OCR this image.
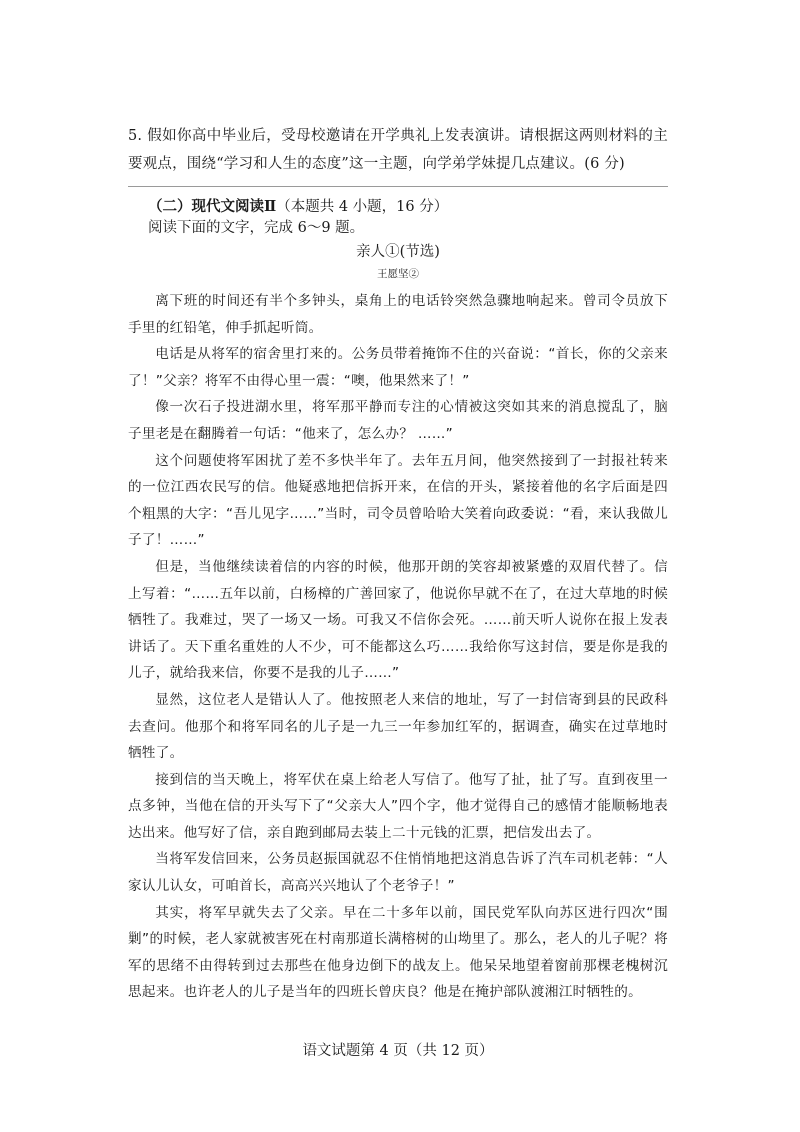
5. 假如你高中毕业后，受母校邀请在开学典礼上发表演讲。请根据这两则材料的主要观点，围绕“学习和人生的态度”这一主题，向学弟学妹提几点建议。(6 分)
（二）现代文阅读Ⅱ（本题共 4 小题，16 分）
阅读下面的文字，完成 6～9 题。
亲人①(节选)
王愿坚②

离下班的时间还有半个多钟头，桌角上的电话铃突然急骤地响起来。曾司令员放下手里的红铅笔，伸手抓起听筒。

电话是从将军的宿舍里打来的。公务员带着掩饰不住的兴奋说：“首长，你的父亲来了！”父亲？将军不由得心里一震：“噢，他果然来了！”

像一次石子投进湖水里，将军那平静而专注的心情被这突如其来的消息搅乱了，脑子里老是在翻腾着一句话：“他来了，怎么办？ ……”

这个问题使将军困扰了差不多快半年了。去年五月间，他突然接到了一封报社转来的一位江西农民写的信。他疑惑地把信拆开来，在信的开头，紧接着他的名字后面是四个粗黑的大字：“吾儿见字……”当时，司令员曾哈哈大笑着向政委说：“看，来认我做儿子了！……”

但是，当他继续读着信的内容的时候，他那开朗的笑容却被紧蹙的双眉代替了。信上写着：“……五年以前，白杨樟的广善回家了，他说你早就不在了，在过大草地的时候牺牲了。我难过，哭了一场又一场。可我又不信你会死。……前天听人说你在报上发表讲话了。天下重名重姓的人不少，可不能都这么巧……我给你写这封信，要是你是我的儿子，就给我来信，你要不是我的儿子……”

显然，这位老人是错认人了。他按照老人来信的地址，写了一封信寄到县的民政科去查问。他那个和将军同名的儿子是一九三一年参加红军的，据调查，确实在过草地时牺牲了。

接到信的当天晚上，将军伏在桌上给老人写信了。他写了扯，扯了写。直到夜里一点多钟，当他在信的开头写下了“父亲大人”四个字，他才觉得自己的感情才能顺畅地表达出来。他写好了信，亲自跑到邮局去装上二十元钱的汇票，把信发出去了。

当将军发信回来，公务员赵振国就忍不住悄悄地把这消息告诉了汽车司机老韩：“人家认儿认女，可咱首长，高高兴兴地认了个老爷子！”

其实，将军早就失去了父亲。早在二十多年以前，国民党军队向苏区进行四次“围剿”的时候，老人家就被害死在村南那道长满榕树的山坳里了。那么，老人的儿子呢？将军的思绪不由得转到过去那些在他身边倒下的战友上。他呆呆地望着窗前那棵老槐树沉思起来。也许老人的儿子是当年的四班长曾庆良？他是在掩护部队渡湘江时牺牲的。

语文试题第 4 页（共 12 页）
